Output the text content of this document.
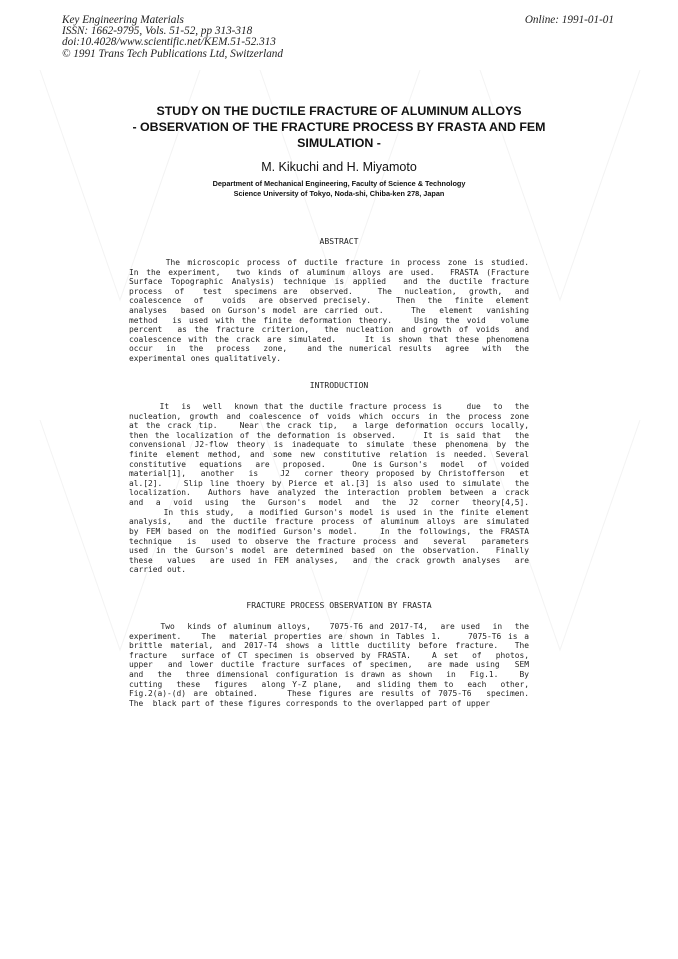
Key Engineering Materials
ISSN: 1662-9795, Vols. 51-52, pp 313-318
doi:10.4028/www.scientific.net/KEM.51-52.313
© 1991 Trans Tech Publications Ltd, Switzerland
Online: 1991-01-01
STUDY ON THE DUCTILE FRACTURE OF ALUMINUM ALLOYS
- OBSERVATION OF THE FRACTURE PROCESS BY FRASTA AND FEM
SIMULATION -
M. Kikuchi and H. Miyamoto
Department of Mechanical Engineering, Faculty of Science & Technology
Science University of Tokyo, Noda-shi, Chiba-ken 278, Japan
ABSTRACT
The microscopic process of ductile fracture in process zone is studied.
In the experiment,  two kinds of aluminum alloys are used.  FRASTA (Fracture
Surface Topographic Analysis) technique is applied  and the ductile fracture
process  of   test  specimens are  observed.    The  nucleation,  growth,  and
coalescence  of   voids  are observed precisely.    Then  the  finite  element
analyses  based on Gurson's model are carried out.    The  element  vanishing
method  is used with the finite deformation theory.   Using the void  volume
percent  as the fracture criterion,  the nucleation and growth of voids  and
coalescence with the crack are simulated.    It is shown that these phenomena
occur  in  the  process  zone,   and the numerical results  agree  with  the
experimental ones qualitatively.
INTRODUCTION
It  is  well  known that the ductile fracture process is    due  to  the
nucleation, growth and coalescence of voids which occurs in the process zone
at the crack tip.   Near the crack tip,  a large deformation occurs locally,
then the localization of the deformation is observed.    It is said that  the
convensional J2-flow theory is inadequate to simulate these phenomena by the
finite element method, and some new constitutive relation is needed. Several
constitutive  equations  are  proposed.    One is Gurson's  model  of  voided
material[1],  another  is   J2  corner theory proposed by Christofferson  et
al.[2].   Slip line thoery by Pierce et al.[3] is also used to simulate  the
localization.  Authors have analyzed the interaction problem between a crack
and a void using the Gurson's model and the J2 corner theory[4,5].
In this study,  a modified Gurson's model is used in the finite element
analysis,  and the ductile fracture process of aluminum alloys are simulated
by FEM based on the modified Gurson's model.   In the followings, the FRASTA
technique  is  used to observe the fracture process and  several  parameters
used in the Gurson's model are determined based on the observation.  Finally
these  values  are used in FEM analyses,  and the crack growth analyses  are
carried out.
FRACTURE PROCESS OBSERVATION BY FRASTA
Two  kinds of aluminum alloys,   7075-T6 and 2017-T4,  are used  in  the
experiment.   The  material properties are shown in Tables 1.    7075-T6 is a
brittle material, and 2017-T4 shows a little ductility before fracture.  The
fracture  surface of CT specimen is observed by FRASTA.   A set  of  photos,
upper  and lower ductile fracture surfaces of specimen,  are made using  SEM
and  the  three dimensional configuration is drawn as shown  in  Fig.1.   By
cutting  these  figures  along Y-Z plane,  and sliding them to  each  other,
Fig.2(a)-(d) are obtained.    These figures are results of 7075-T6  specimen.
The  black part of these figures corresponds to the overlapped part of upper
